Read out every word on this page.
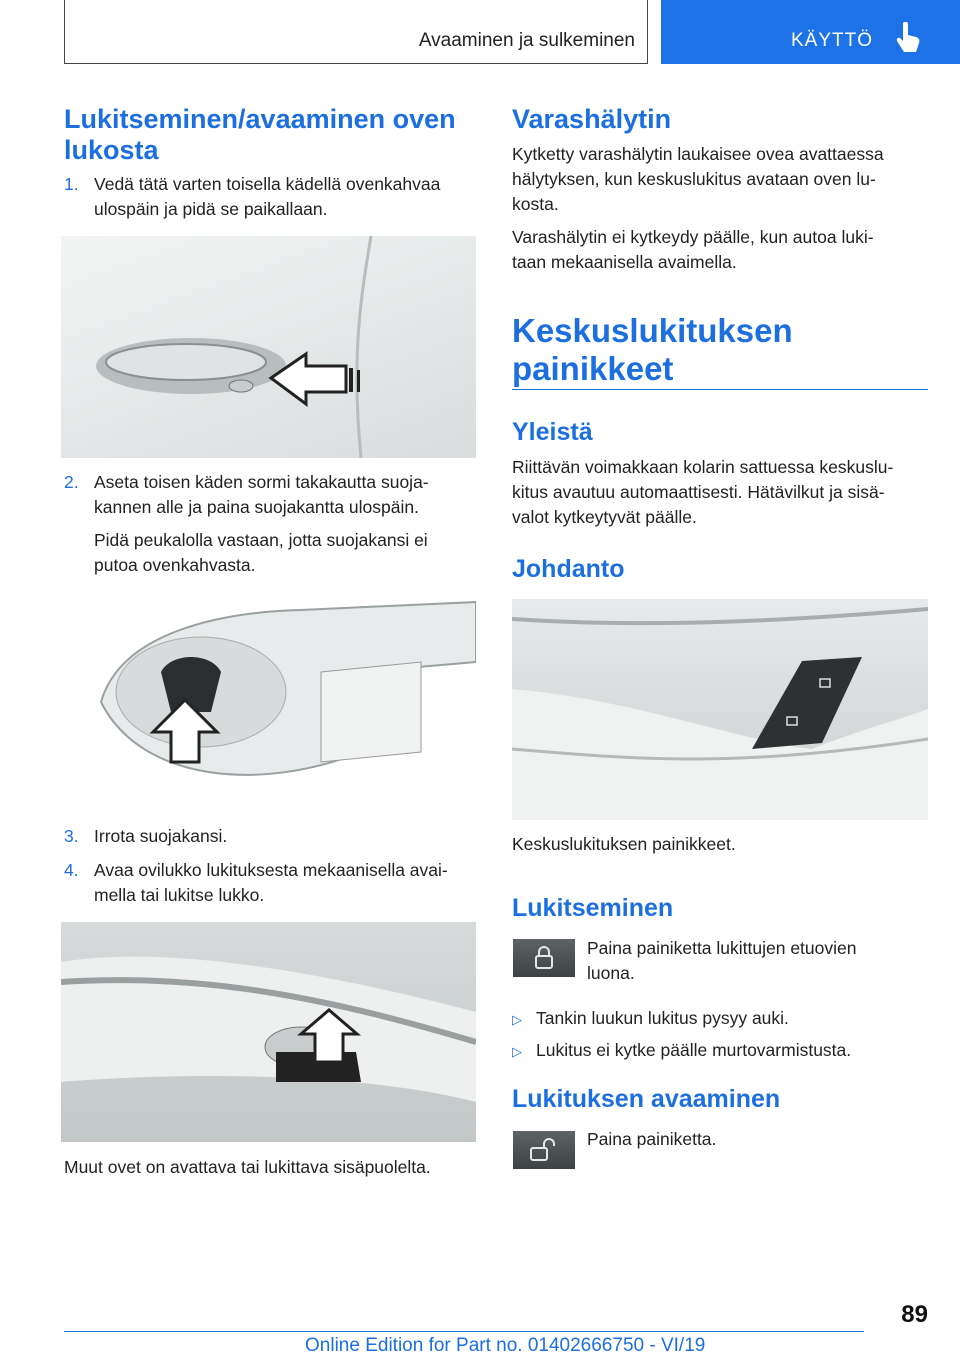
Avaaminen ja sulkeminen	KÄYTTÖ
Lukitseminen/avaaminen oven
lukosta
1. Vedä tätä varten toisella kädellä ovenkahvaa
ulospäin ja pidä se paikallaan.

2. Aseta toisen käden sormi takakautta suoja-
kannen alle ja paina suojakantta ulospäin.

Pidä peukalolla vastaan, jotta suojakansi ei
putoa ovenkahvasta.

3. Irrota suojakansi.

4. Avaa ovilukko lukituksesta mekaanisella avai-
mella tai lukitse lukko.

Muut ovet on avattava tai lukittava sisäpuolelta.

Varashälytin

Kytketty varashälytin laukaisee ovea avattaessa
hälytyksen, kun keskuslukitus avataan oven lu-
kosta.

Varashälytin ei kytkeydy päälle, kun autoa luki-
taan mekaanisella avaimella.

Keskuslukituksen
painikkeet
Yleistä

Riittävän voimakkaan kolarin sattuessa keskuslu-
kitus avautuu automaattisesti. Hätävilkut ja sisä-
valot kytkeytyvät päälle.

Johdanto

Keskuslukituksen painikkeet.

Lukitseminen

Paina painiketta lukittujen etuovien
luona.

▷ Tankin luukun lukitus pysyy auki.
▷ Lukitus ei kytke päälle murtovarmistusta.
Lukituksen avaaminen

Paina painiketta.

89
Online Edition for Part no. 01402666750 - VI/19
